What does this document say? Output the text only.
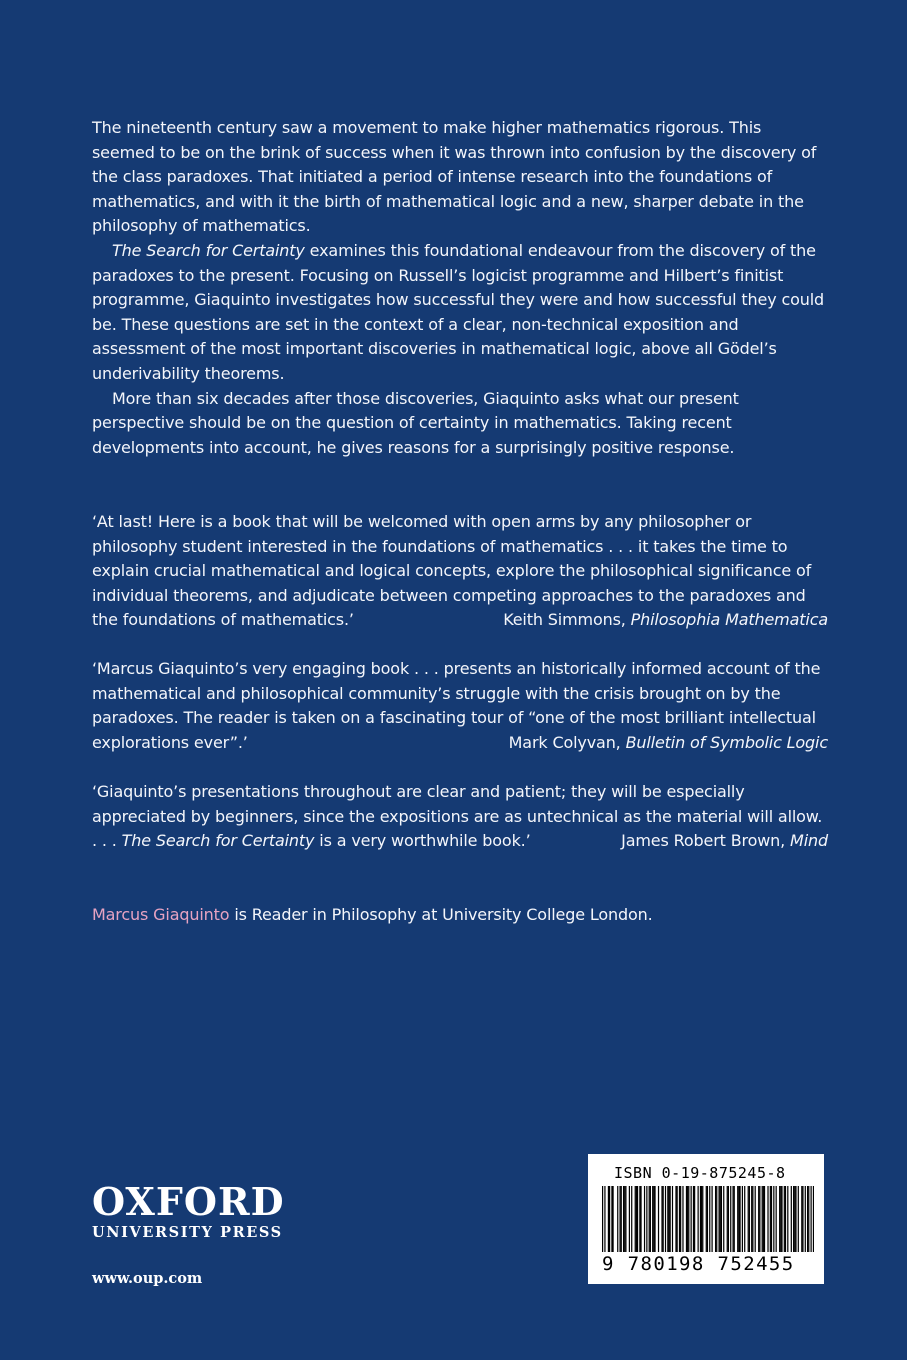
The nineteenth century saw a movement to make higher mathematics rigorous. This seemed to be on the brink of success when it was thrown into confusion by the discovery of the class paradoxes. That initiated a period of intense research into the foundations of mathematics, and with it the birth of mathematical logic and a new, sharper debate in the philosophy of mathematics.

The Search for Certainty examines this foundational endeavour from the discovery of the paradoxes to the present. Focusing on Russell’s logicist programme and Hilbert’s finitist programme, Giaquinto investigates how successful they were and how successful they could be. These questions are set in the context of a clear, non-technical exposition and assessment of the most important discoveries in mathematical logic, above all Gödel’s underivability theorems.

More than six decades after those discoveries, Giaquinto asks what our present perspective should be on the question of certainty in mathematics. Taking recent developments into account, he gives reasons for a surprisingly positive response.

‘At last! Here is a book that will be welcomed with open arms by any philosopher or philosophy student interested in the foundations of mathematics . . . it takes the time to explain crucial mathematical and logical concepts, explore the philosophical significance of individual theorems, and adjudicate between competing approaches to the paradoxes and the foundations of mathematics.’	Keith Simmons, Philosophia Mathematica
‘Marcus Giaquinto’s very engaging book . . . presents an historically informed account of the mathematical and philosophical community’s struggle with the crisis brought on by the paradoxes. The reader is taken on a fascinating tour of “one of the most brilliant intellectual explorations ever”.’	Mark Colyvan, Bulletin of Symbolic Logic
‘Giaquinto’s presentations throughout are clear and patient; they will be especially appreciated by beginners, since the expositions are as untechnical as the material will allow. . . . The Search for Certainty is a very worthwhile book.’	James Robert Brown, Mind
Marcus Giaquinto is Reader in Philosophy at University College London.
OXFORD
UNIVERSITY PRESS
www.oup.com
ISBN 0-19-875245-8
9 780198 752455
